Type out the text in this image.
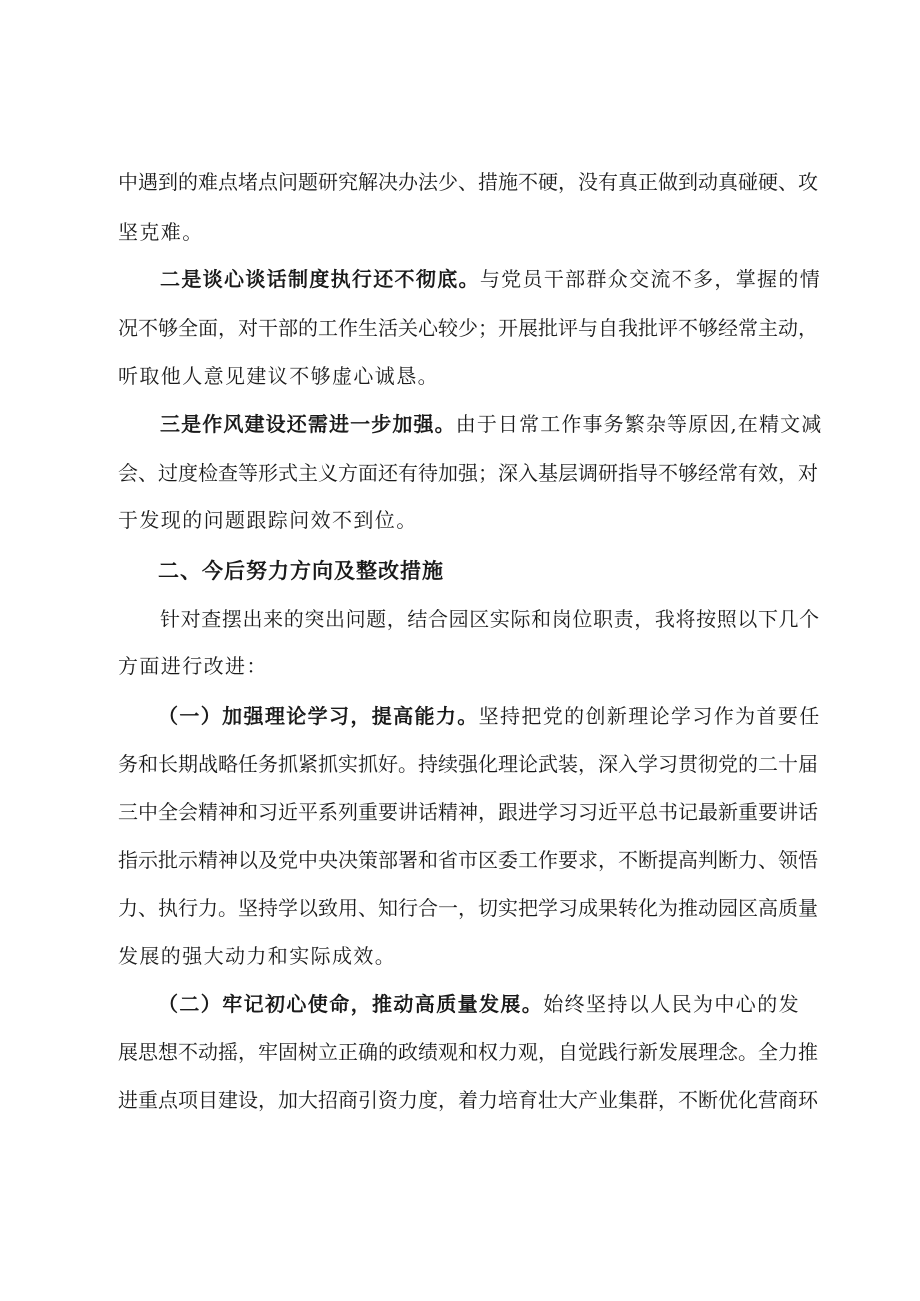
中遇到的难点堵点问题研究解决办法少、措施不硬，没有真正做到动真碰硬、攻
坚克难。
二是谈心谈话制度执行还不彻底。与党员干部群众交流不多，掌握的情
况不够全面，对干部的工作生活关心较少；开展批评与自我批评不够经常主动，
听取他人意见建议不够虚心诚恳。
三是作风建设还需进一步加强。由于日常工作事务繁杂等原因,在精文减
会、过度检查等形式主义方面还有待加强；深入基层调研指导不够经常有效，对
于发现的问题跟踪问效不到位。
二、今后努力方向及整改措施
针对查摆出来的突出问题，结合园区实际和岗位职责，我将按照以下几个
方面进行改进：
（一）加强理论学习，提高能力。坚持把党的创新理论学习作为首要任
务和长期战略任务抓紧抓实抓好。持续强化理论武装，深入学习贯彻党的二十届
三中全会精神和习近平系列重要讲话精神，跟进学习习近平总书记最新重要讲话
指示批示精神以及党中央决策部署和省市区委工作要求，不断提高判断力、领悟
力、执行力。坚持学以致用、知行合一，切实把学习成果转化为推动园区高质量
发展的强大动力和实际成效。
（二）牢记初心使命，推动高质量发展。始终坚持以人民为中心的发
展思想不动摇，牢固树立正确的政绩观和权力观，自觉践行新发展理念。全力推
进重点项目建设，加大招商引资力度，着力培育壮大产业集群，不断优化营商环
